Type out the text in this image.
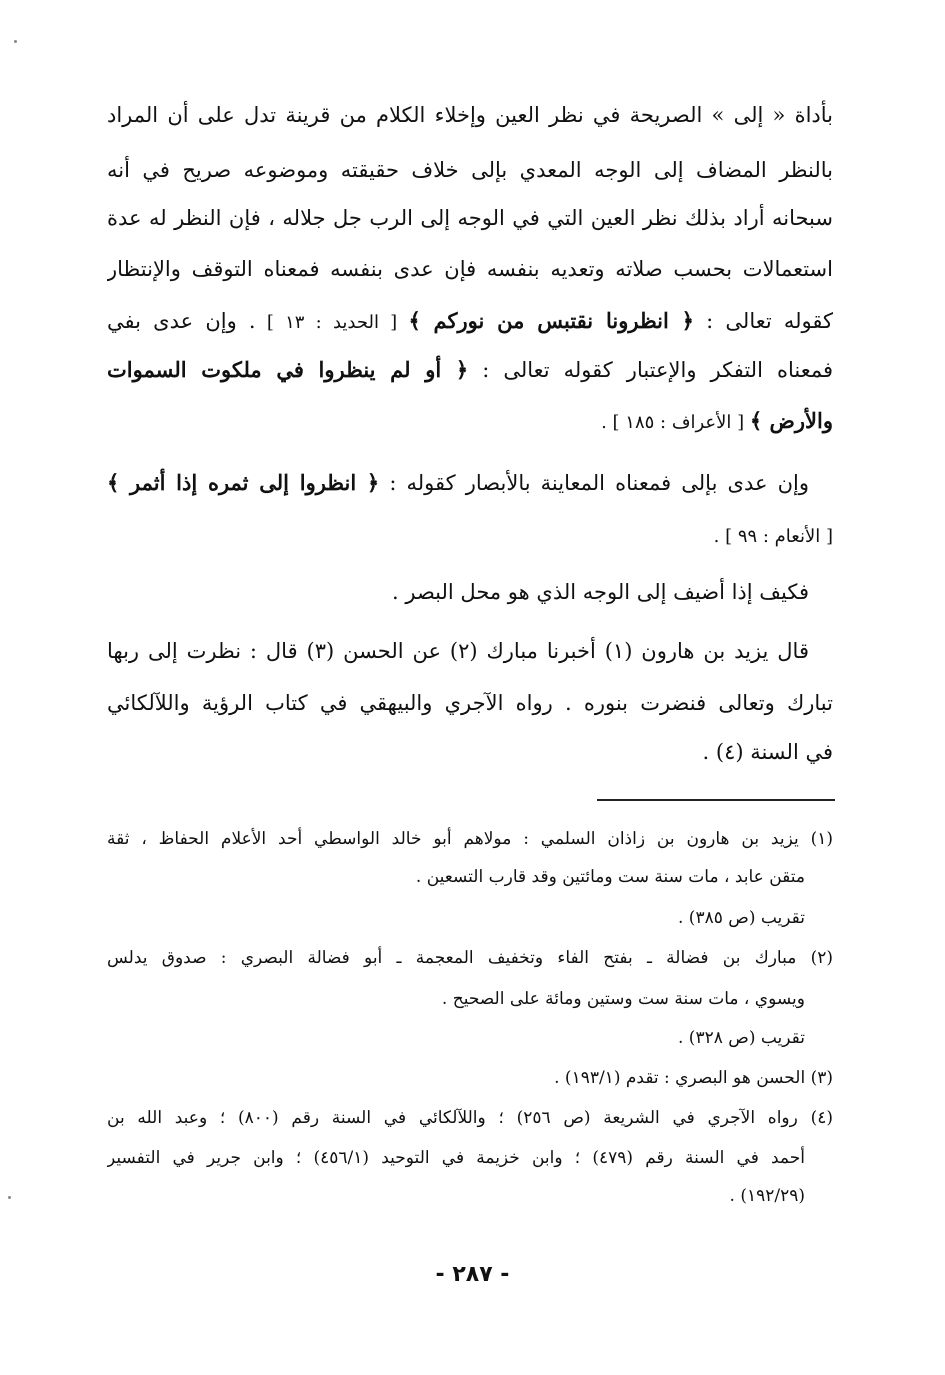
بأداة « إلى » الصريحة في نظر العين وإخلاء الكلام من قرينة تدل على أن المراد
بالنظر المضاف إلى الوجه المعدي بإلى خلاف حقيقته وموضوعه صريح في أنه
سبحانه أراد بذلك نظر العين التي في الوجه إلى الرب جل جلاله ، فإن النظر له عدة
استعمالات بحسب صلاته وتعديه بنفسه فإن عدى بنفسه فمعناه التوقف والإنتظار
كقوله تعالى : ﴿ انظرونا نقتبس من نوركم ﴾ [ الحديد : ١٣ ] . وإن عدى بفي
فمعناه التفكر والإعتبار كقوله تعالى : ﴿ أو لم ينظروا في ملكوت السموات
والأرض ﴾ [ الأعراف : ١٨٥ ] .
وإن عدى بإلى فمعناه المعاينة بالأبصار كقوله : ﴿ انظروا إلى ثمره إذا أثمر ﴾
[ الأنعام : ٩٩ ] .
فكيف إذا أضيف إلى الوجه الذي هو محل البصر .
قال يزيد بن هارون (١) أخبرنا مبارك (٢) عن الحسن (٣) قال : نظرت إلى ربها
تبارك وتعالى فنضرت بنوره . رواه الآجري والبيهقي في كتاب الرؤية واللآلكائي
في السنة (٤) .
(١) يزيد بن هارون بن زاذان السلمي : مولاهم أبو خالد الواسطي أحد الأعلام الحفاظ ، ثقة
متقن عابد ، مات سنة ست ومائتين وقد قارب التسعين .
تقريب (ص ٣٨٥) .
(٢) مبارك بن فضالة ـ بفتح الفاء وتخفيف المعجمة ـ أبو فضالة البصري : صدوق يدلس
ويسوي ، مات سنة ست وستين ومائة على الصحيح .
تقريب (ص ٣٢٨) .
(٣) الحسن هو البصري : تقدم (١٩٣/١) .
(٤) رواه الآجري في الشريعة (ص ٢٥٦) ؛ واللآلكائي في السنة رقم (٨٠٠) ؛ وعبد الله بن
أحمد في السنة رقم (٤٧٩) ؛ وابن خزيمة في التوحيد (٤٥٦/١) ؛ وابن جرير في التفسير
(١٩٢/٢٩) .
- ٢٨٧ -
